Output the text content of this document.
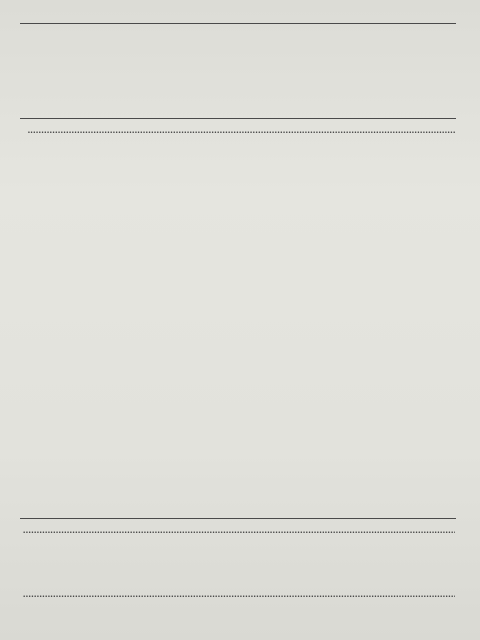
.....
.....
.....
